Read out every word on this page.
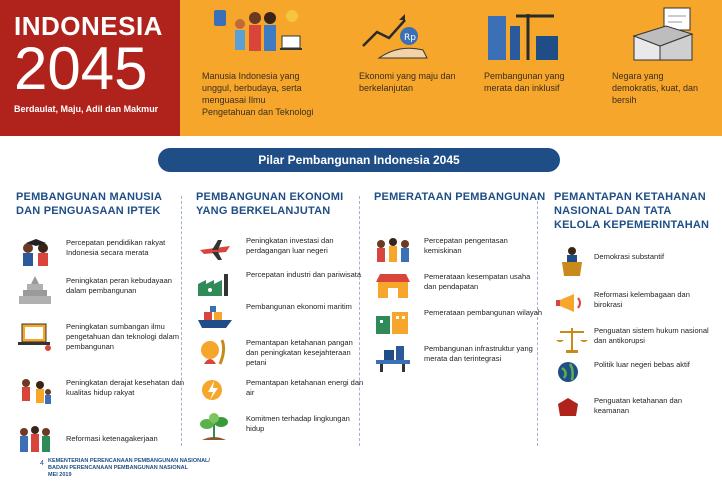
INDONESIA
2045
Berdaulat, Maju, Adil dan Makmur
Manusia Indonesia yang unggul, berbudaya, serta menguasai Ilmu Pengetahuan dan Teknologi
Rp
Ekonomi yang maju dan berkelanjutan
Pembangunan yang merata dan inklusif
Negara yang demokratis, kuat, dan bersih
Pilar Pembangunan Indonesia 2045
PEMBANGUNAN MANUSIA DAN PENGUASAAN IPTEK
Percepatan pendidikan rakyat Indonesia secara merata
Peningkatan peran kebudayaan dalam pembangunan
Peningkatan sumbangan ilmu pengetahuan dan teknologi dalam pembangunan
Peningkatan derajat kesehatan dan kualitas hidup rakyat
Reformasi ketenagakerjaan
PEMBANGUNAN EKONOMI YANG BERKELANJUTAN
Peningkatan investasi dan perdagangan luar negeri
Percepatan industri dan pariwisata
Pembangunan ekonomi maritim
Pemantapan ketahanan pangan dan peningkatan kesejahteraan petani
Pemantapan ketahanan energi dan air
Komitmen terhadap lingkungan hidup
PEMERATAAN PEMBANGUNAN
Percepatan pengentasan kemiskinan
Pemerataan kesempatan usaha dan pendapatan
Pemerataan pembangunan wilayah
Pembangunan infrastruktur yang merata dan terintegrasi
PEMANTAPAN KETAHANAN NASIONAL DAN TATA KELOLA KEPEMERINTAHAN
Demokrasi substantif
Reformasi kelembagaan dan birokrasi
Penguatan sistem hukum nasional dan antikorupsi
Politik luar negeri bebas aktif
Penguatan ketahanan dan keamanan
4 KEMENTERIAN PERENCANAAN PEMBANGUNAN NASIONAL/
BADAN PERENCANAAN PEMBANGUNAN NASIONAL
MEI 2019
